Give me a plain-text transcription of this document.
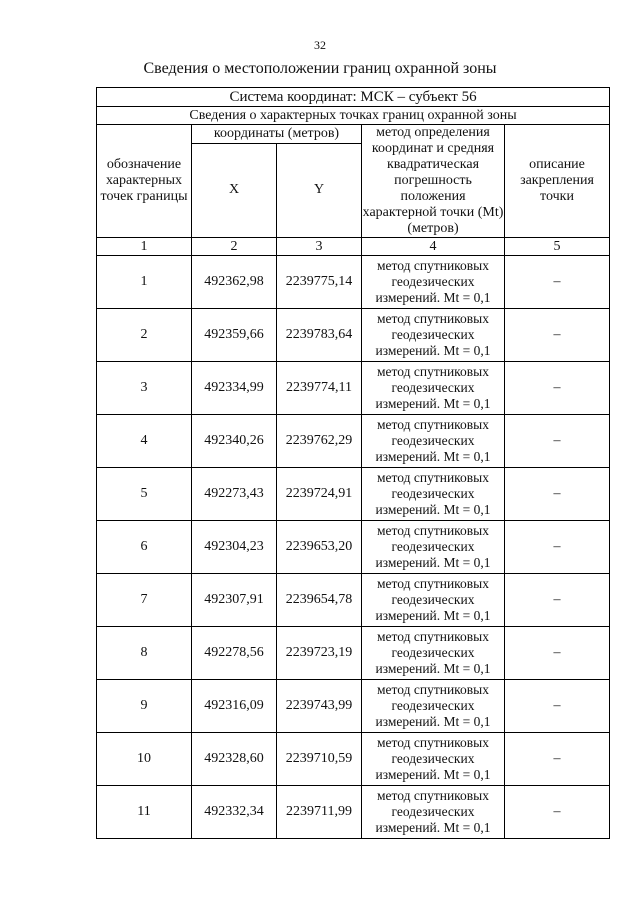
32
Сведения о местоположении границ охранной зоны
Система координат: МСК – субъект 56				
Сведения о характерных точках границ охранной зоны				
обозначение характерных точек границы	координаты (метров)		метод определения координат и средняя квадратическая погрешность положения характерной точки (Mt) (метров)	описание закрепления точки
	X	Y		
1	2	3	4	5
1	492362,98	2239775,14	метод спутниковых геодезических измерений. Mt = 0,1	–
2	492359,66	2239783,64	метод спутниковых геодезических измерений. Mt = 0,1	–
3	492334,99	2239774,11	метод спутниковых геодезических измерений. Mt = 0,1	–
4	492340,26	2239762,29	метод спутниковых геодезических измерений. Mt = 0,1	–
5	492273,43	2239724,91	метод спутниковых геодезических измерений. Mt = 0,1	–
6	492304,23	2239653,20	метод спутниковых геодезических измерений. Mt = 0,1	–
7	492307,91	2239654,78	метод спутниковых геодезических измерений. Mt = 0,1	–
8	492278,56	2239723,19	метод спутниковых геодезических измерений. Mt = 0,1	–
9	492316,09	2239743,99	метод спутниковых геодезических измерений. Mt = 0,1	–
10	492328,60	2239710,59	метод спутниковых геодезических измерений. Mt = 0,1	–
11	492332,34	2239711,99	метод спутниковых геодезических измерений. Mt = 0,1	–
